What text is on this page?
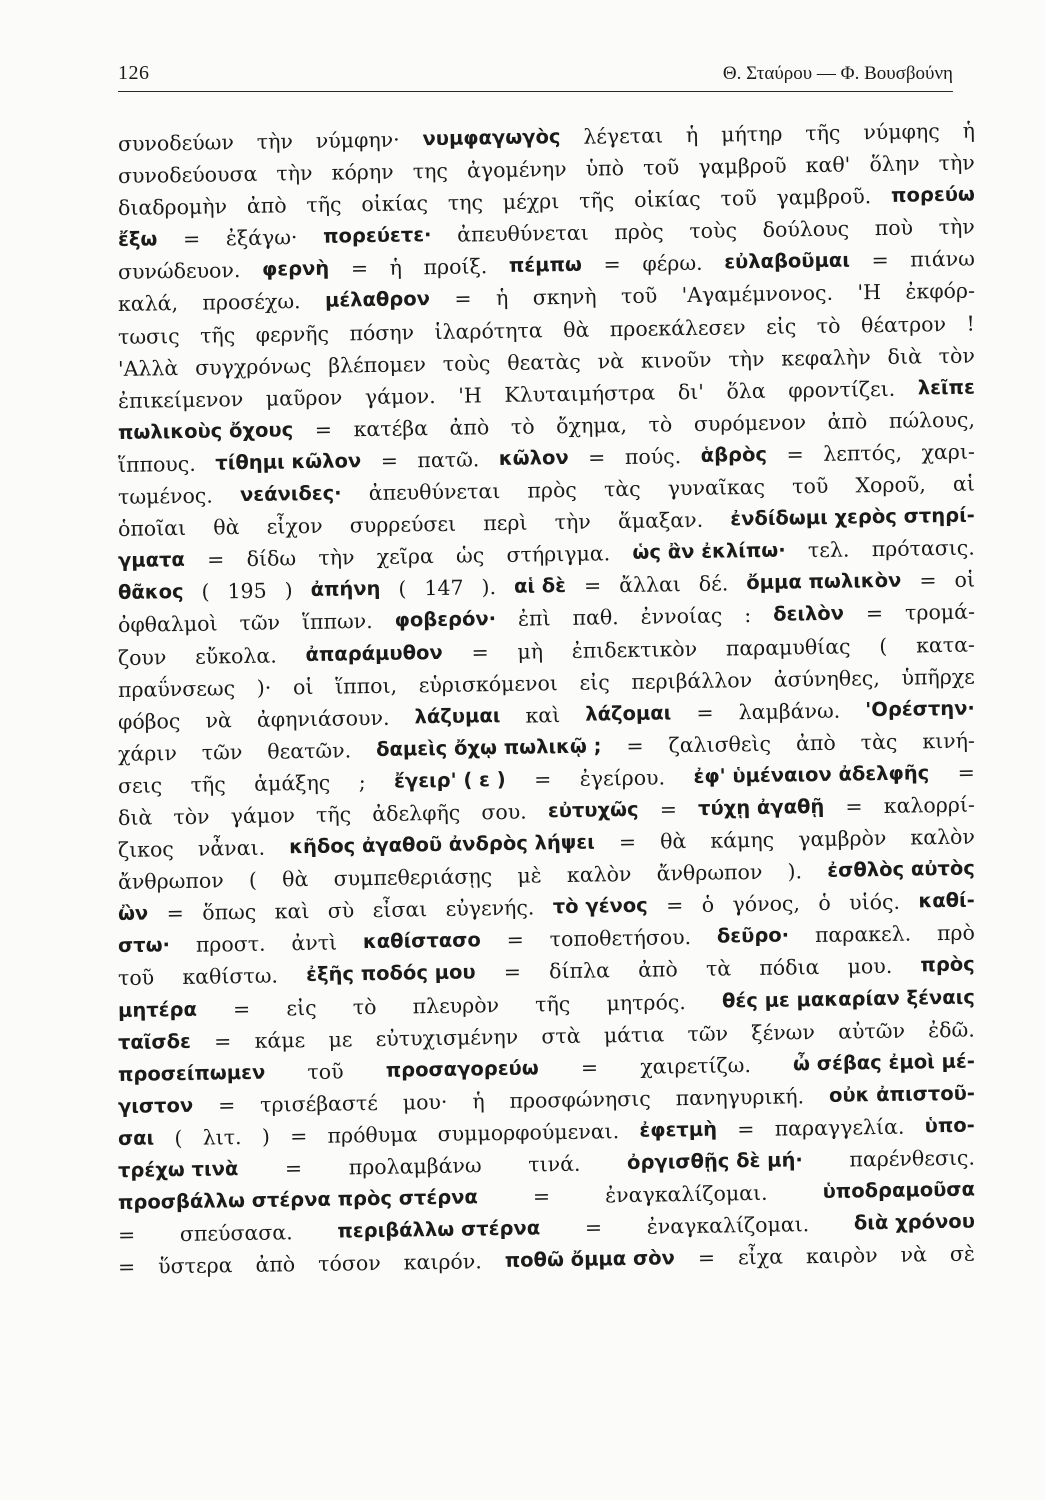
126	Θ. Σταύρου — Φ. Βουσβούνη
συνοδεύων τὴν νύμφην· νυμφαγωγὸς λέγεται ἡ μήτηρ τῆς νύμφης ἡ
συνοδεύουσα τὴν κόρην της ἀγομένην ὑπὸ τοῦ γαμβροῦ καθ' ὅλην τὴν
διαδρομὴν ἀπὸ τῆς οἰκίας της μέχρι τῆς οἰκίας τοῦ γαμβροῦ. πορεύω
ἔξω = ἐξάγω· πορεύετε· ἀπευθύνεται πρὸς τοὺς δούλους ποὺ τὴν
συνώδευον. φερνὴ = ἡ προίξ. πέμπω = φέρω. εὐλαβοῦμαι = πιάνω
καλά, προσέχω. μέλαθρον = ἡ σκηνὴ τοῦ 'Αγαμέμνονος. 'Η ἐκφόρ-
τωσις τῆς φερνῆς πόσην ἱλαρότητα θὰ προεκάλεσεν εἰς τὸ θέατρον !
'Αλλὰ συγχρόνως βλέπομεν τοὺς θεατὰς νὰ κινοῦν τὴν κεφαλὴν διὰ τὸν
ἐπικείμενον μαῦρον γάμον. 'Η Κλυταιμήστρα δι' ὅλα φροντίζει. λεῖπε
πωλικοὺς ὄχους = κατέβα ἀπὸ τὸ ὄχημα, τὸ συρόμενον ἀπὸ πώλους,
ἵππους. τίθημι κῶλον = πατῶ. κῶλον = πούς. ἁβρὸς = λεπτός, χαρι-
τωμένος. νεάνιδες· ἀπευθύνεται πρὸς τὰς γυναῖκας τοῦ Χοροῦ, αἱ
ὁποῖαι θὰ εἶχον συρρεύσει περὶ τὴν ἅμαξαν. ἐνδίδωμι χερὸς στηρί-
γματα = δίδω τὴν χεῖρα ὡς στήριγμα. ὡς ἂν ἐκλίπω· τελ. πρότασις.
θᾶκος ( 195 ) ἀπήνη ( 147 ). αἱ δὲ = ἄλλαι δέ. ὄμμα πωλικὸν = οἱ
ὀφθαλμοὶ τῶν ἵππων. φοβερόν· ἐπὶ παθ. ἐννοίας : δειλὸν = τρομά-
ζουν εὔκολα. ἀπαράμυθον = μὴ ἐπιδεκτικὸν παραμυθίας ( κατα-
πραΰνσεως )· οἱ ἵπποι, εὑρισκόμενοι εἰς περιβάλλον ἀσύνηθες, ὑπῆρχε
φόβος νὰ ἀφηνιάσουν. λάζυμαι καὶ λάζομαι = λαμβάνω. 'Ορέστην·
χάριν τῶν θεατῶν. δαμεὶς ὄχῳ πωλικῷ ; = ζαλισθεὶς ἀπὸ τὰς κινή-
σεις τῆς ἁμάξης ; ἔγειρ' ( ε ) = ἐγείρου. ἐφ' ὑμέναιον ἀδελφῆς =
διὰ τὸν γάμον τῆς ἀδελφῆς σου. εὐτυχῶς = τύχῃ ἀγαθῇ = καλορρί-
ζικος νἆναι. κῆδος ἀγαθοῦ ἀνδρὸς λήψει = θὰ κάμης γαμβρὸν καλὸν
ἄνθρωπον ( θὰ συμπεθεριάσῃς μὲ καλὸν ἄνθρωπον ). ἐσθλὸς αὐτὸς
ὢν = ὅπως καὶ σὺ εἶσαι εὐγενής. τὸ γένος = ὁ γόνος, ὁ υἱός. καθί-
στω· προστ. ἀντὶ καθίστασο = τοποθετήσου. δεῦρο· παρακελ. πρὸ
τοῦ καθίστω. ἐξῆς ποδός μου = δίπλα ἀπὸ τὰ πόδια μου. πρὸς
μητέρα = εἰς τὸ πλευρὸν τῆς μητρός. θές με μακαρίαν ξέναις
ταῖσδε = κάμε με εὐτυχισμένην στὰ μάτια τῶν ξένων αὐτῶν ἐδῶ.
προσείπωμεν τοῦ προσαγορεύω = χαιρετίζω. ὦ σέβας ἐμοὶ μέ-
γιστον = τρισέβαστέ μου· ἡ προσφώνησις πανηγυρική. οὐκ ἀπιστοῦ-
σαι ( λιτ. ) = πρόθυμα συμμορφούμεναι. ἐφετμὴ = παραγγελία. ὑπο-
τρέχω τινὰ = προλαμβάνω τινά. ὀργισθῇς δὲ μή· παρένθεσις.
προσβάλλω στέρνα πρὸς στέρνα	=	ἐναγκαλίζομαι.	ὑποδραμοῦσα
= σπεύσασα. περιβάλλω στέρνα = ἐναγκαλίζομαι. διὰ χρόνου
= ὕστερα ἀπὸ τόσον καιρόν. ποθῶ ὄμμα σὸν = εἶχα καιρὸν νὰ σὲ
